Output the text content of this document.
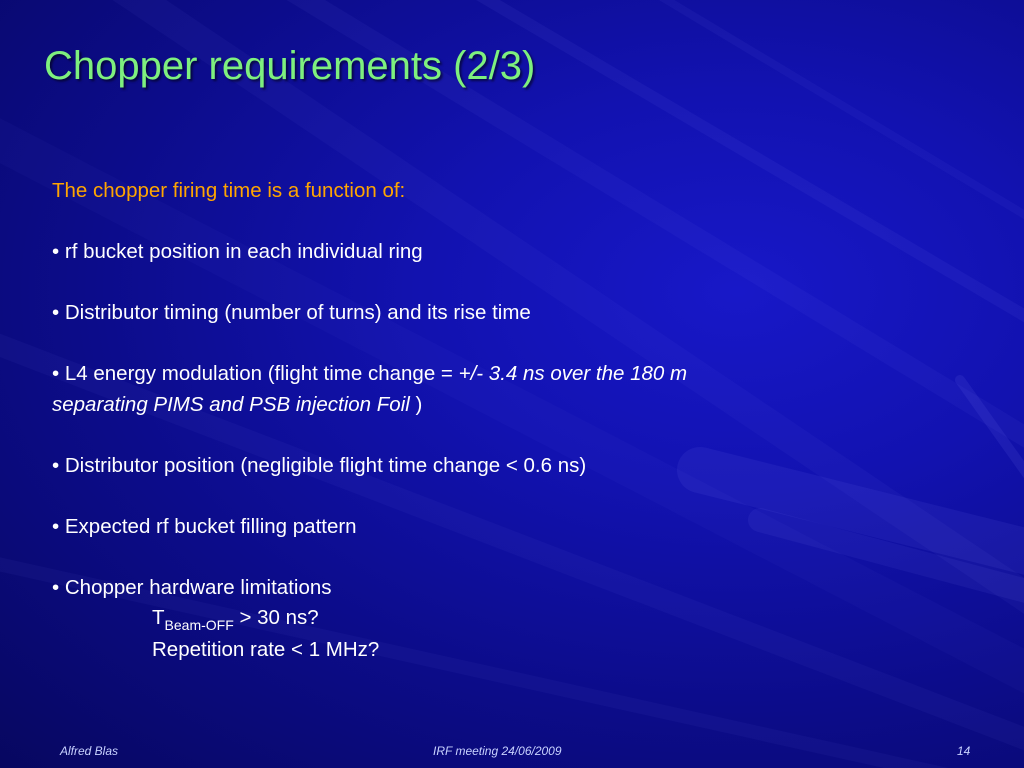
Chopper requirements (2/3)

The chopper firing time is a function of:

• rf bucket position in each individual ring

• Distributor timing (number of turns) and its rise time

• L4 energy modulation (flight time change = +/- 3.4 ns over the 180 m
separating PIMS and PSB injection Foil )

• Distributor position (negligible flight time change < 0.6 ns)

• Expected rf bucket filling pattern

• Chopper hardware limitations

$T_{Beam-OFF} > 30$ ns?

Repetition rate < 1 MHz?

Alfred Blas	IRF meeting 24/06/2009	14
